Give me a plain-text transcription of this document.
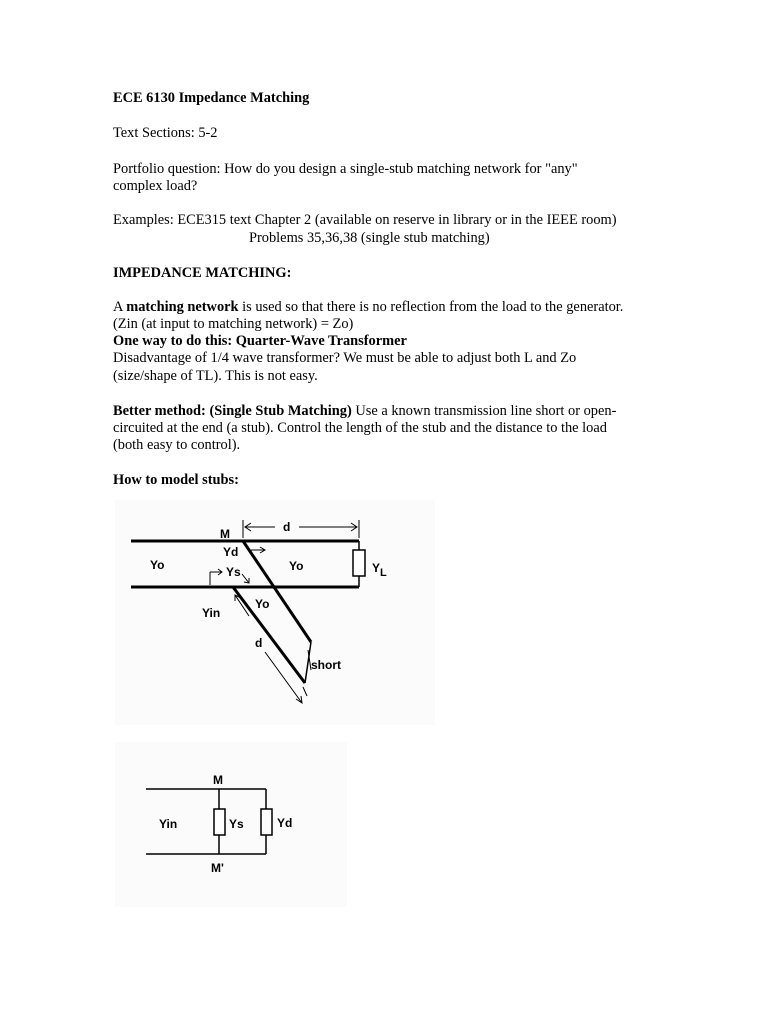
ECE 6130 Impedance Matching
Text Sections: 5-2
Portfolio question: How do you design a single-stub matching network for "any"
complex load?
Examples: ECE315 text Chapter 2 (available on reserve in library or in the IEEE room)
Problems 35,36,38 (single stub matching)
IMPEDANCE MATCHING:
A matching network is used so that there is no reflection from the load to the generator.
(Zin (at input to matching network) = Zo)
One way to do this: Quarter-Wave Transformer
Disadvantage of 1/4 wave transformer? We must be able to adjust both L and Zo
(size/shape of TL). This is not easy.
Better method: (Single Stub Matching) Use a known transmission line short or open-
circuited at the end (a stub). Control the length of the stub and the distance to the load
(both easy to control).
How to model stubs:
M	d
Yd
Yo	Ys	Yo	YL
Yin
Yo
d
short
M
Yin	Ys	Yd
M'
